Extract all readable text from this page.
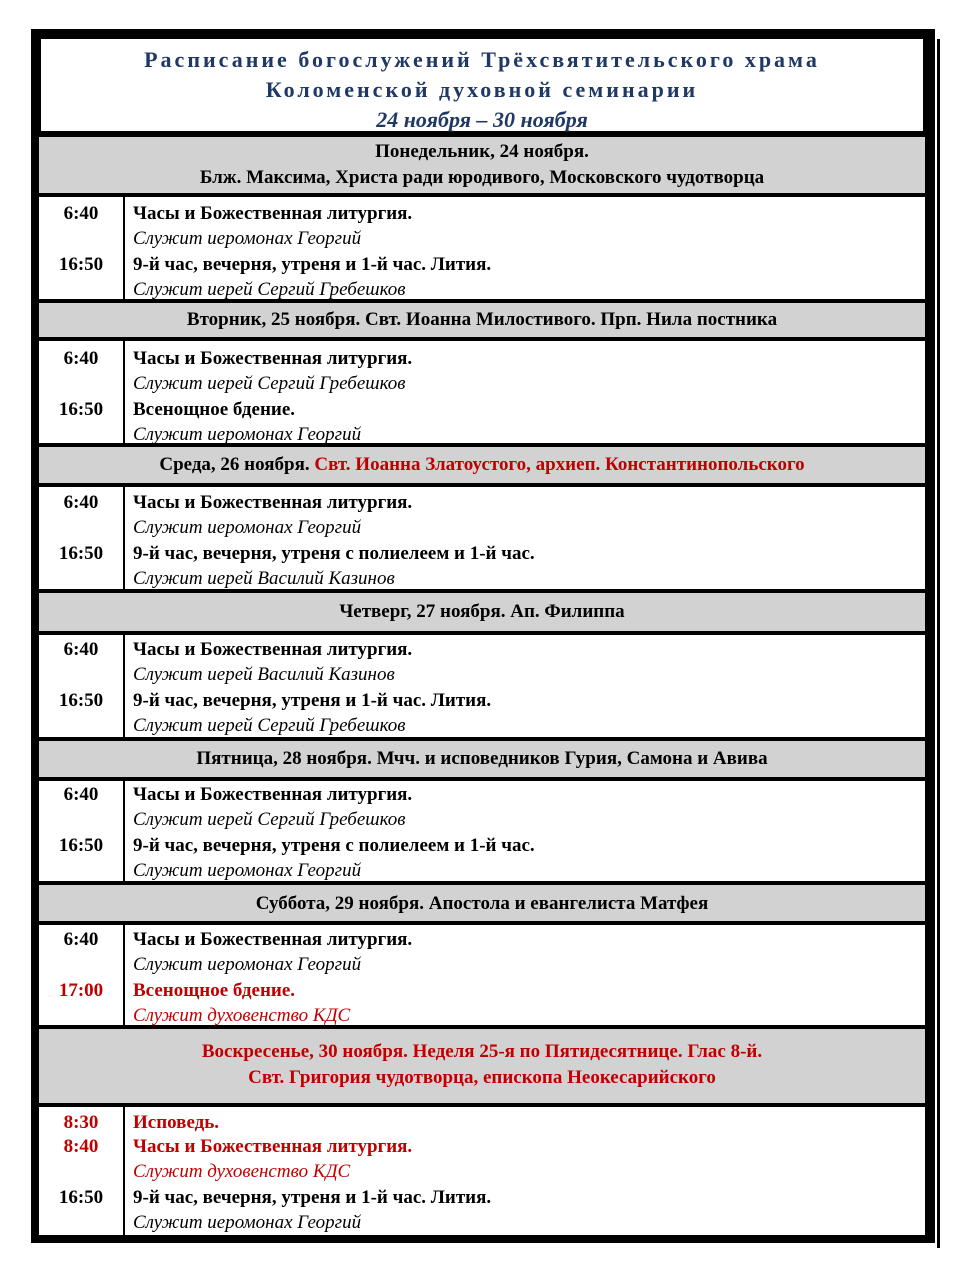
Расписание богослужений Трёхсвятительского храма
Коломенской духовной семинарии
24 ноября – 30 ноября
Понедельник, 24 ноября.
Блж. Максима, Христа ради юродивого, Московского чудотворца
6:40	Часы и Божественная литургия.
Служит иеромонах Георгий
16:50	9-й час, вечерня, утреня и 1-й час. Лития.
Служит иерей Сергий Гребешков
Вторник, 25 ноября. Свт. Иоанна Милостивого. Прп. Нила постника
6:40	Часы и Божественная литургия.
Служит иерей Сергий Гребешков
16:50	Всенощное бдение.
Служит иеромонах Георгий
Среда, 26 ноября. Свт. Иоанна Златоустого, архиеп. Константинопольского
6:40	Часы и Божественная литургия.
Служит иеромонах Георгий
16:50	9-й час, вечерня, утреня с полиелеем и 1-й час.
Служит иерей Василий Казинов
Четверг, 27 ноября. Ап. Филиппа
6:40	Часы и Божественная литургия.
Служит иерей Василий Казинов
16:50	9-й час, вечерня, утреня и 1-й час. Лития.
Служит иерей Сергий Гребешков
Пятница, 28 ноября. Мчч. и исповедников Гурия, Самона и Авива
6:40	Часы и Божественная литургия.
Служит иерей Сергий Гребешков
16:50	9-й час, вечерня, утреня с полиелеем и 1-й час.
Служит иеромонах Георгий
Суббота, 29 ноября. Апостола и евангелиста Матфея
6:40	Часы и Божественная литургия.
Служит иеромонах Георгий
17:00	Всенощное бдение.
Служит духовенство КДС
Воскресенье, 30 ноября. Неделя 25-я по Пятидесятнице. Глас 8-й.
Свт. Григория чудотворца, епископа Неокесарийского
8:30	Исповедь.
8:40	Часы и Божественная литургия.
Служит духовенство КДС
16:50	9-й час, вечерня, утреня и 1-й час. Лития.
Служит иеромонах Георгий
